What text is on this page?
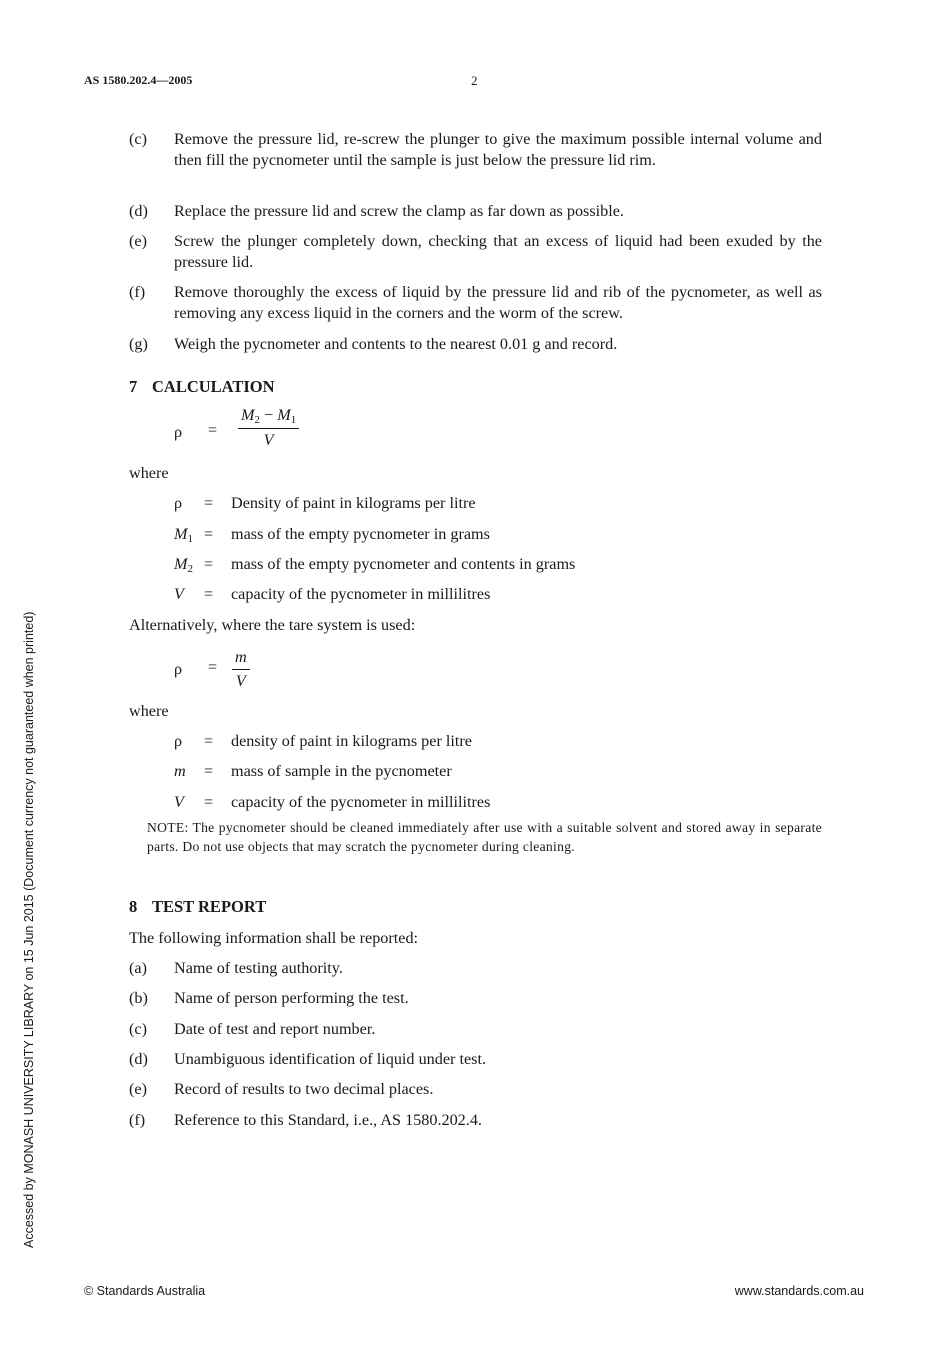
AS 1580.202.4—2005	2
(c) Remove the pressure lid, re-screw the plunger to give the maximum possible internal volume and then fill the pycnometer until the sample is just below the pressure lid rim.
(d) Replace the pressure lid and screw the clamp as far down as possible.
(e) Screw the plunger completely down, checking that an excess of liquid had been exuded by the pressure lid.
(f) Remove thoroughly the excess of liquid by the pressure lid and rib of the pycnometer, as well as removing any excess liquid in the corners and the worm of the screw.
(g) Weigh the pycnometer and contents to the nearest 0.01 g and record.
7 CALCULATION
$\rho = \frac{M_2 - M_1}{V}$
where
ρ = Density of paint in kilograms per litre
$M_1$ = mass of the empty pycnometer in grams
$M_2$ = mass of the empty pycnometer and contents in grams
V = capacity of the pycnometer in millilitres
Alternatively, where the tare system is used:
$\rho = \frac{m}{V}$
where
ρ = density of paint in kilograms per litre
m = mass of sample in the pycnometer
V = capacity of the pycnometer in millilitres
NOTE: The pycnometer should be cleaned immediately after use with a suitable solvent and stored away in separate parts. Do not use objects that may scratch the pycnometer during cleaning.
8 TEST REPORT
The following information shall be reported:
(a) Name of testing authority.
(b) Name of person performing the test.
(c) Date of test and report number.
(d) Unambiguous identification of liquid under test.
(e) Record of results to two decimal places.
(f) Reference to this Standard, i.e., AS 1580.202.4.
Accessed by MONASH UNIVERSITY LIBRARY on 15 Jun 2015 (Document currency not guaranteed when printed)
© Standards Australia	www.standards.com.au
